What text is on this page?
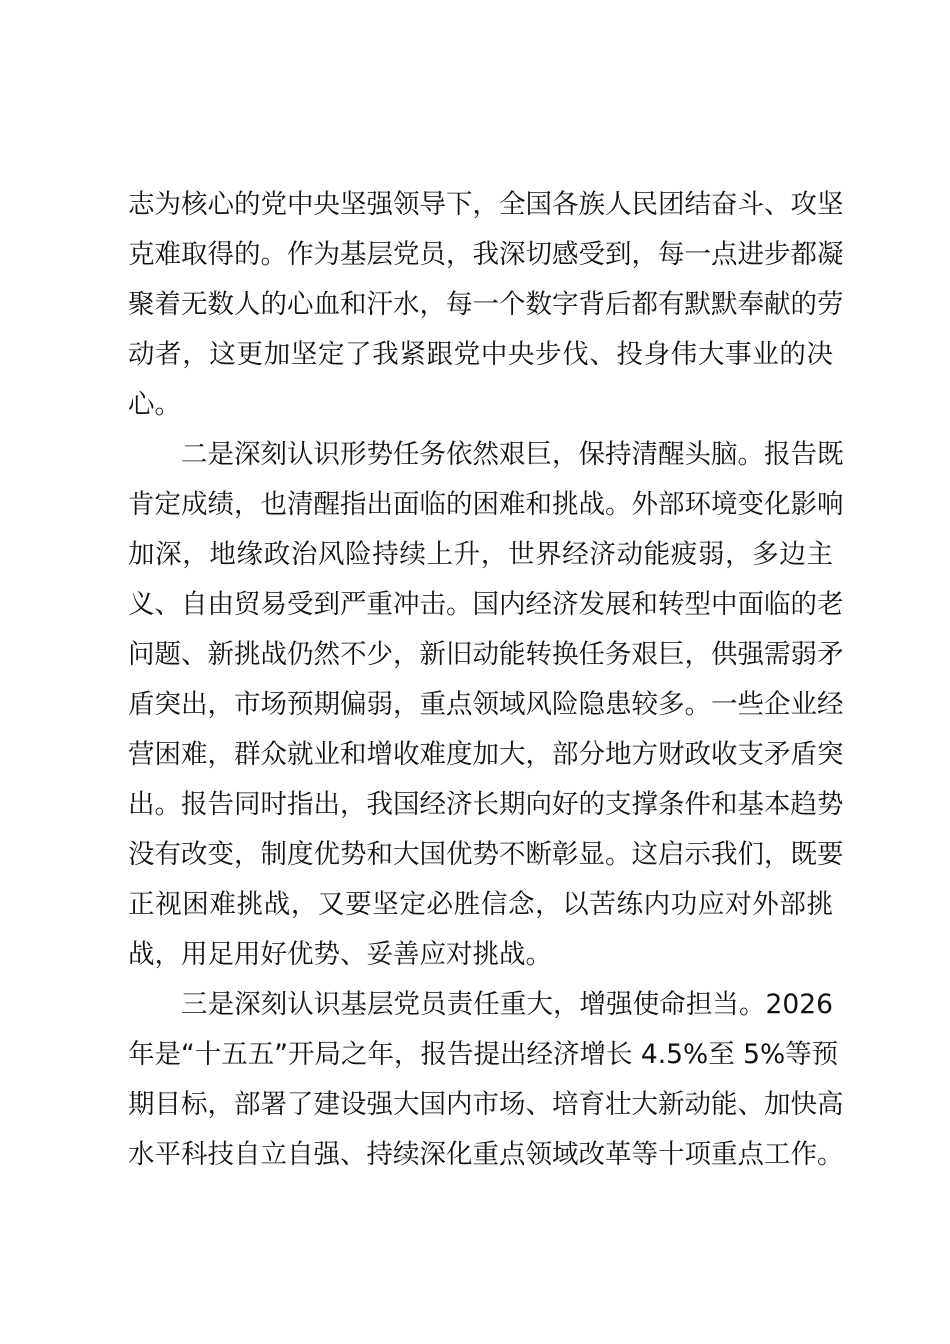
志为核心的党中央坚强领导下，全国各族人民团结奋斗、攻坚
克难取得的。作为基层党员，我深切感受到，每一点进步都凝
聚着无数人的心血和汗水，每一个数字背后都有默默奉献的劳
动者，这更加坚定了我紧跟党中央步伐、投身伟大事业的决
心。
二是深刻认识形势任务依然艰巨，保持清醒头脑。报告既
肯定成绩，也清醒指出面临的困难和挑战。外部环境变化影响
加深，地缘政治风险持续上升，世界经济动能疲弱，多边主
义、自由贸易受到严重冲击。国内经济发展和转型中面临的老
问题、新挑战仍然不少，新旧动能转换任务艰巨，供强需弱矛
盾突出，市场预期偏弱，重点领域风险隐患较多。一些企业经
营困难，群众就业和增收难度加大，部分地方财政收支矛盾突
出。报告同时指出，我国经济长期向好的支撑条件和基本趋势
没有改变，制度优势和大国优势不断彰显。这启示我们，既要
正视困难挑战，又要坚定必胜信念，以苦练内功应对外部挑
战，用足用好优势、妥善应对挑战。
三是深刻认识基层党员责任重大，增强使命担当。2026
年是“十五五”开局之年，报告提出经济增长 4.5%至 5%等预
期目标，部署了建设强大国内市场、培育壮大新动能、加快高
水平科技自立自强、持续深化重点领域改革等十项重点工作。
